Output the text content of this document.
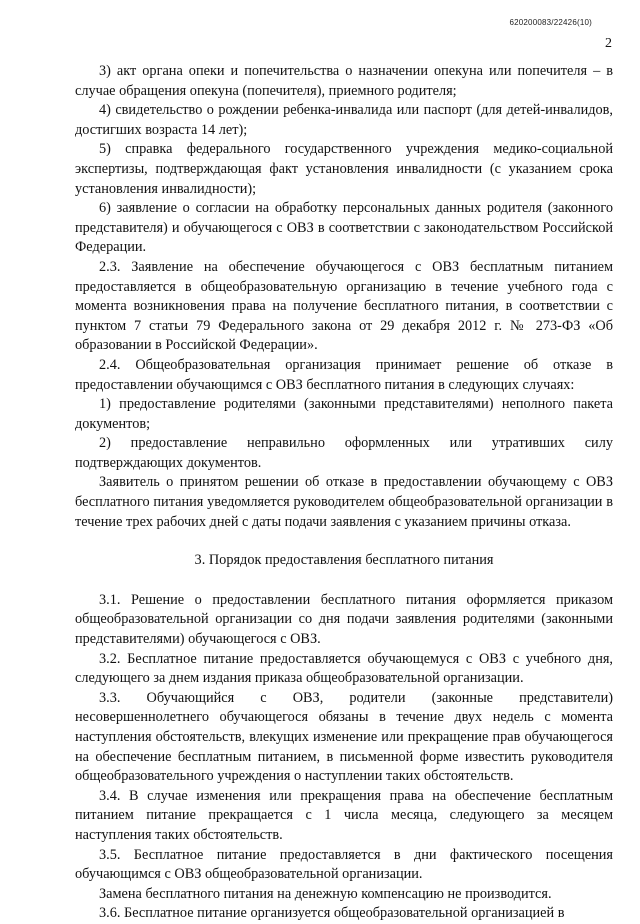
620200083/22426(10)
2

3) акт органа опеки и попечительства о назначении опекуна или попечителя – в случае обращения опекуна (попечителя), приемного родителя;

4) свидетельство о рождении ребенка-инвалида или паспорт (для детей-инвалидов, достигших возраста 14 лет);

5) справка федерального государственного учреждения медико-социальной экспертизы, подтверждающая факт установления инвалидности (с указанием срока установления инвалидности);

6) заявление о согласии на обработку персональных данных родителя (законного представителя) и обучающегося с ОВЗ в соответствии с законодательством Российской Федерации.

2.3. Заявление на обеспечение обучающегося с ОВЗ бесплатным питанием предоставляется в общеобразовательную организацию в течение учебного года с момента возникновения права на получение бесплатного питания, в соответствии с пунктом 7 статьи 79 Федерального закона от 29 декабря 2012 г. № 273-ФЗ «Об образовании в Российской Федерации».

2.4. Общеобразовательная организация принимает решение об отказе в предоставлении обучающимся с ОВЗ бесплатного питания в следующих случаях:

1) предоставление родителями (законными представителями) неполного пакета документов;

2) предоставление неправильно оформленных или утративших силу подтверждающих документов.

Заявитель о принятом решении об отказе в предоставлении обучающему с ОВЗ бесплатного питания уведомляется руководителем общеобразовательной организации в течение трех рабочих дней с даты подачи заявления с указанием причины отказа.

3. Порядок предоставления бесплатного питания

3.1. Решение о предоставлении бесплатного питания оформляется приказом общеобразовательной организации со дня подачи заявления родителями (законными представителями) обучающегося с ОВЗ.

3.2. Бесплатное питание предоставляется обучающемуся с ОВЗ с учебного дня, следующего за днем издания приказа общеобразовательной организации.

3.3. Обучающийся с ОВЗ, родители (законные представители) несовершеннолетнего обучающегося обязаны в течение двух недель с момента наступления обстоятельств, влекущих изменение или прекращение прав обучающегося на обеспечение бесплатным питанием, в письменной форме известить руководителя общеобразовательного учреждения о наступлении таких обстоятельств.

3.4. В случае изменения или прекращения права на обеспечение бесплатным питанием питание прекращается с 1 числа месяца, следующего за месяцем наступления таких обстоятельств.

3.5. Бесплатное питание предоставляется в дни фактического посещения обучающимся с ОВЗ общеобразовательной организации.

Замена бесплатного питания на денежную компенсацию не производится.

3.6. Бесплатное питание организуется общеобразовательной организацией в
